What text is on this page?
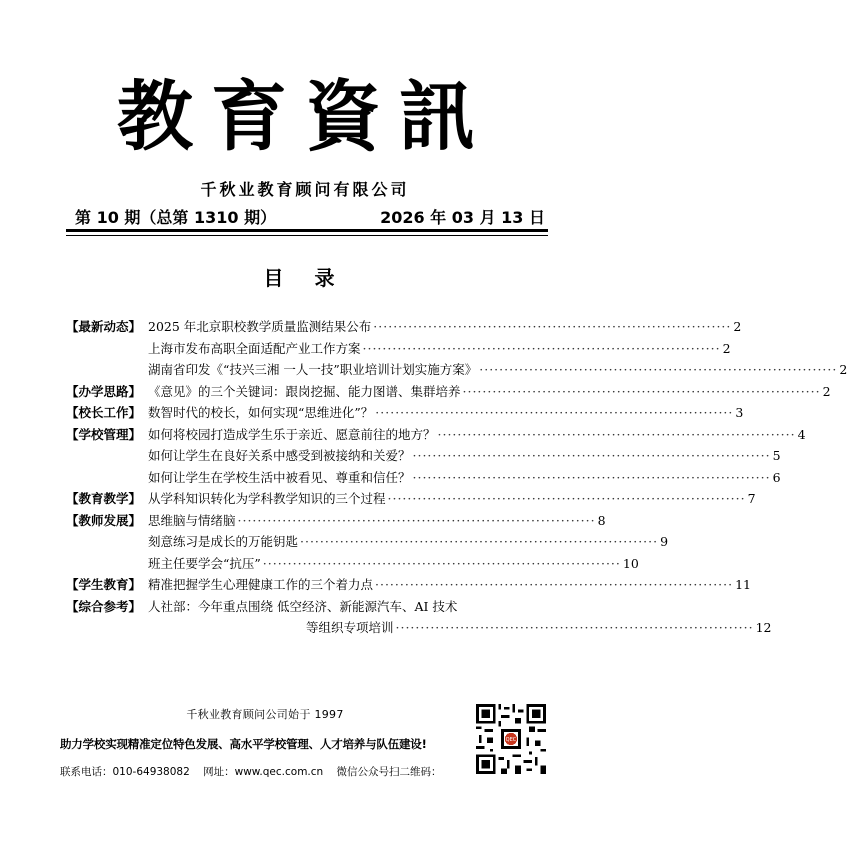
教育資訊
千秋业教育顾问有限公司
第 10 期（总第 1310 期）	2026 年 03 月 13 日
目 录
【最新动态】 2025 年北京职校教学质量监测结果公布 ········································································ 2
上海市发布高职全面适配产业工作方案 ········································································ 2
湖南省印发《“技兴三湘 一人一技”职业培训计划实施方案》 ········································································ 2
【办学思路】 《意见》的三个关键词：跟岗挖掘、能力图谱、集群培养 ········································································ 2
【校长工作】 数智时代的校长，如何实现“思维进化”？ ········································································ 3
【学校管理】 如何将校园打造成学生乐于亲近、愿意前往的地方？ ········································································ 4
如何让学生在良好关系中感受到被接纳和关爱？ ········································································ 5
如何让学生在学校生活中被看见、尊重和信任？ ········································································ 6
【教育教学】 从学科知识转化为学科教学知识的三个过程 ········································································ 7
【教师发展】 思维脑与情绪脑 ········································································ 8
刻意练习是成长的万能钥匙 ········································································ 9
班主任要学会“抗压” ········································································ 10
【学生教育】 精准把握学生心理健康工作的三个着力点 ········································································ 11
【综合参考】 人社部：今年重点围绕 低空经济、新能源汽车、AI 技术
等组织专项培训 ········································································ 12
千秋业教育顾问公司始于 1997
助力学校实现精准定位特色发展、高水平学校管理、人才培养与队伍建设!
联系电话：010-64938082 网址：www.qec.com.cn 微信公众号扫二维码：
QEC
